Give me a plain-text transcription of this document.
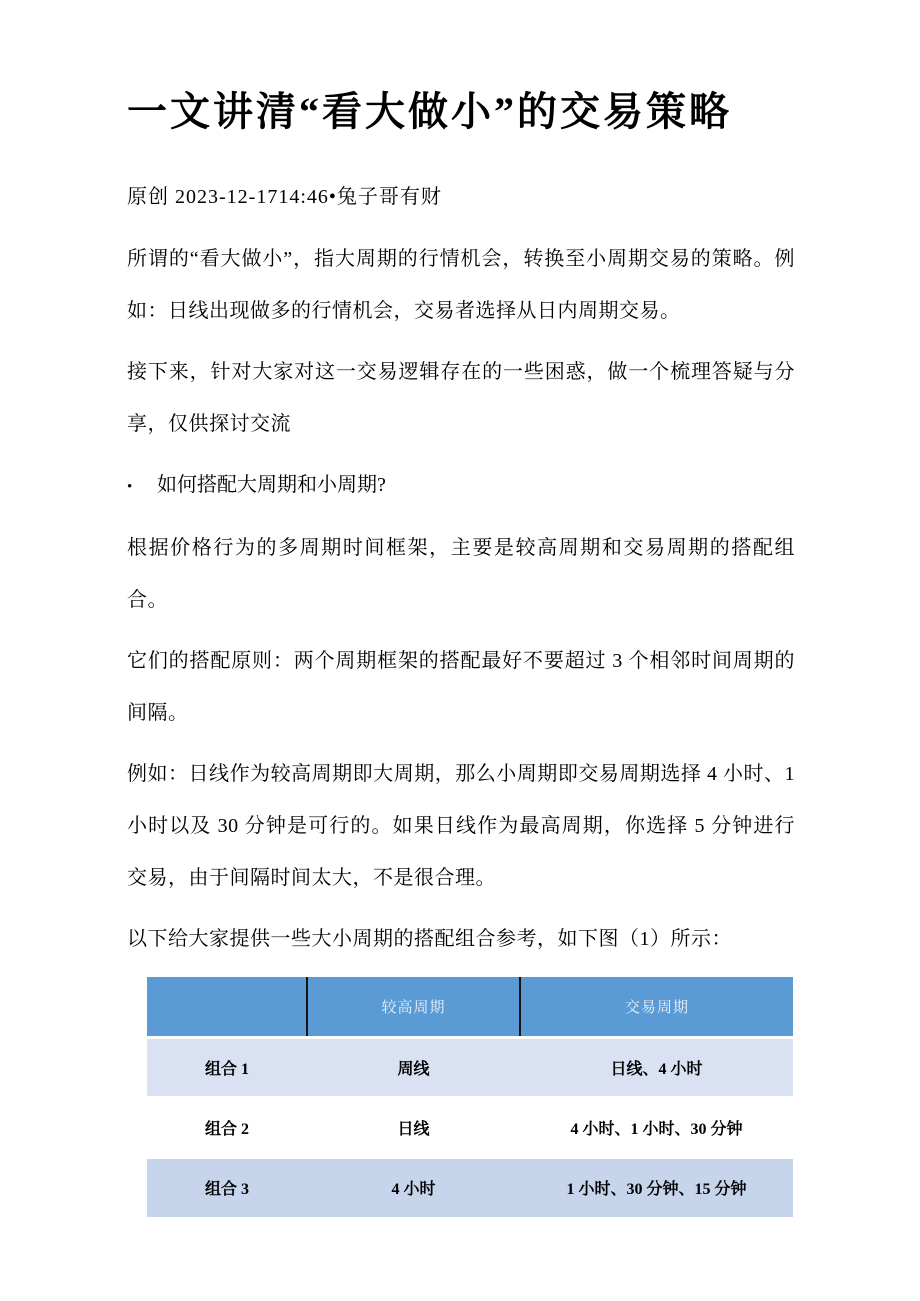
一文讲清“看大做小”的交易策略

原创 2023-12-1714:46•兔子哥有财

所谓的“看大做小”，指大周期的行情机会，转换至小周期交易的策略。例如：日线出现做多的行情机会，交易者选择从日内周期交易。

接下来，针对大家对这一交易逻辑存在的一些困惑，做一个梳理答疑与分享，仅供探讨交流

•	如何搭配大周期和小周期?

根据价格行为的多周期时间框架，主要是较高周期和交易周期的搭配组合。

它们的搭配原则：两个周期框架的搭配最好不要超过 3 个相邻时间周期的间隔。

例如：日线作为较高周期即大周期，那么小周期即交易周期选择 4 小时、1 小时以及 30 分钟是可行的。如果日线作为最高周期，你选择 5 分钟进行交易，由于间隔时间太大，不是很合理。

以下给大家提供一些大小周期的搭配组合参考，如下图（1）所示：

	较高周期	交易周期
组合 1	周线	日线、4 小时
组合 2	日线	4 小时、1 小时、30 分钟
组合 3	4 小时	1 小时、30 分钟、15 分钟
